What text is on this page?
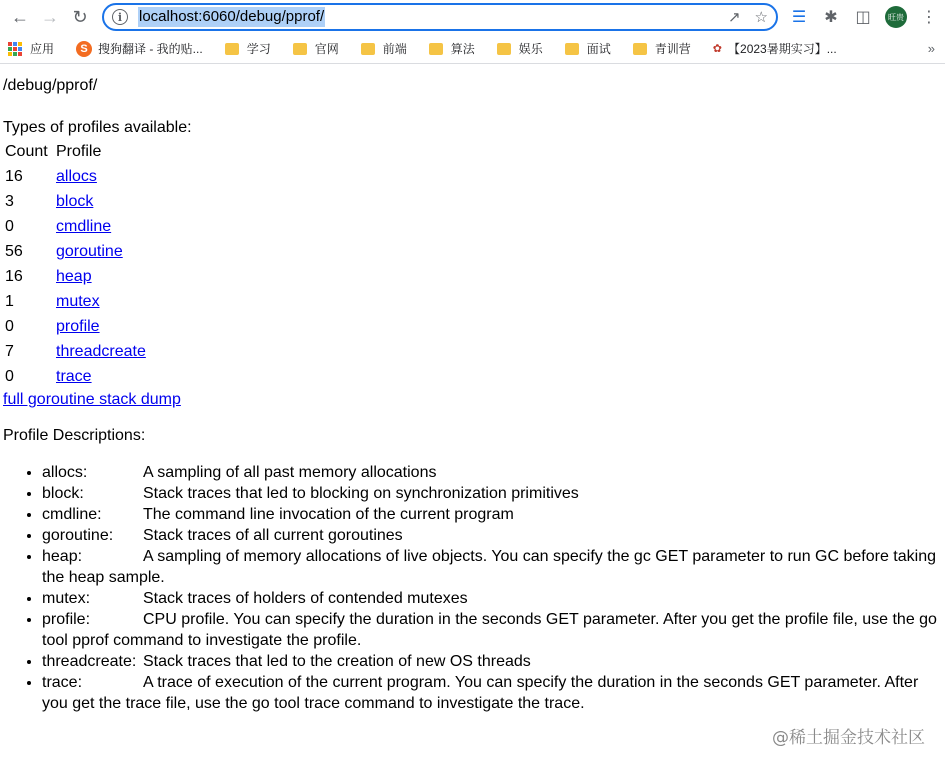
← → ↻	i	localhost:6060/debug/pprof/	↗ ☆ ☰ ✱ ◫	旺贵 ⋮
应用	S 搜狗翻译 - 我的贴...	学习	官网	前端	算法	娱乐	面试	青训营 ✿ 【2023暑期实习】...	»
/debug/pprof/
Types of profiles available:
Count	Profile
16	allocs
3	block
0	cmdline
56	goroutine
16	heap
1	mutex
0	profile
7	threadcreate
0	trace
full goroutine stack dump
Profile Descriptions:
• allocs:	A sampling of all past memory allocations
• block:	Stack traces that led to blocking on synchronization primitives
• cmdline:	The command line invocation of the current program
• goroutine: Stack traces of all current goroutines
• heap:	A sampling of memory allocations of live objects. You can specify the gc GET parameter to run GC before taking the heap sample.
• mutex:	Stack traces of holders of contended mutexes
• profile:	CPU profile. You can specify the duration in the seconds GET parameter. After you get the profile file, use the go tool pprof command to investigate the profile.
• threadcreate: Stack traces that led to the creation of new OS threads
• trace:	A trace of execution of the current program. You can specify the duration in the seconds GET parameter. After you get the trace file, use the go tool trace command to investigate the trace.
@稀土掘金技术社区
